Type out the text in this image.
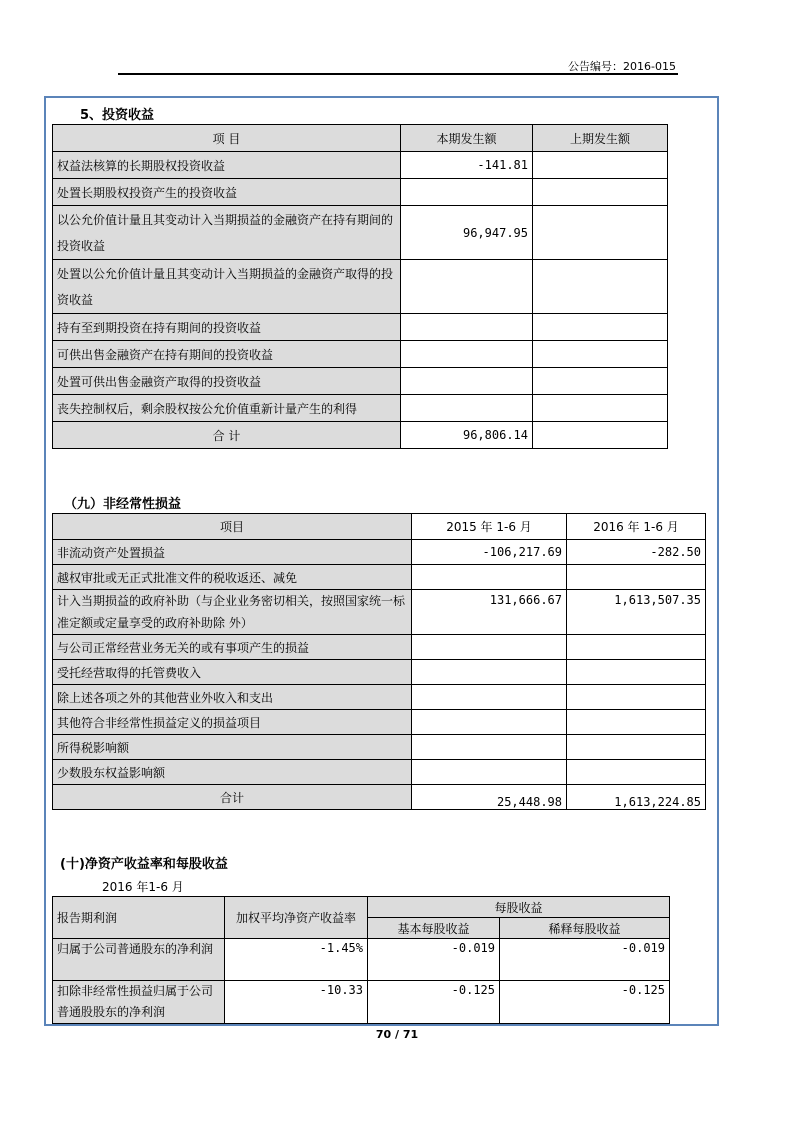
公告编号：2016-015
5、投资收益
项 目	本期发生额	上期发生额
权益法核算的长期股权投资收益	-141.81	
处置长期股权投资产生的投资收益		
以公允价值计量且其变动计入当期损益的金融资产在持有期间的投资收益	96,947.95	
处置以公允价值计量且其变动计入当期损益的金融资产取得的投资收益		
持有至到期投资在持有期间的投资收益		
可供出售金融资产在持有期间的投资收益		
处置可供出售金融资产取得的投资收益		
丧失控制权后，剩余股权按公允价值重新计量产生的利得		
合 计	96,806.14	
（九）非经常性损益
项目	2015 年 1-6 月	2016 年 1-6 月
非流动资产处置损益	-106,217.69	-282.50
越权审批或无正式批准文件的税收返还、减免		
计入当期损益的政府补助（与企业业务密切相关，按照国家统一标准定额或定量享受的政府补助除 外）	131,666.67	1,613,507.35
与公司正常经营业务无关的或有事项产生的损益		
受托经营取得的托管费收入		
除上述各项之外的其他营业外收入和支出		
其他符合非经常性损益定义的损益项目		
所得税影响额		
少数股东权益影响额		
合计	25,448.98	1,613,224.85
(十)净资产收益率和每股收益
2016 年1-6 月
报告期利润	加权平均净资产收益率	每股收益	
		基本每股收益	稀释每股收益
归属于公司普通股东的净利润	-1.45%	-0.019	-0.019
扣除非经常性损益归属于公司普通股股东的净利润	-10.33	-0.125	-0.125
70 / 71
